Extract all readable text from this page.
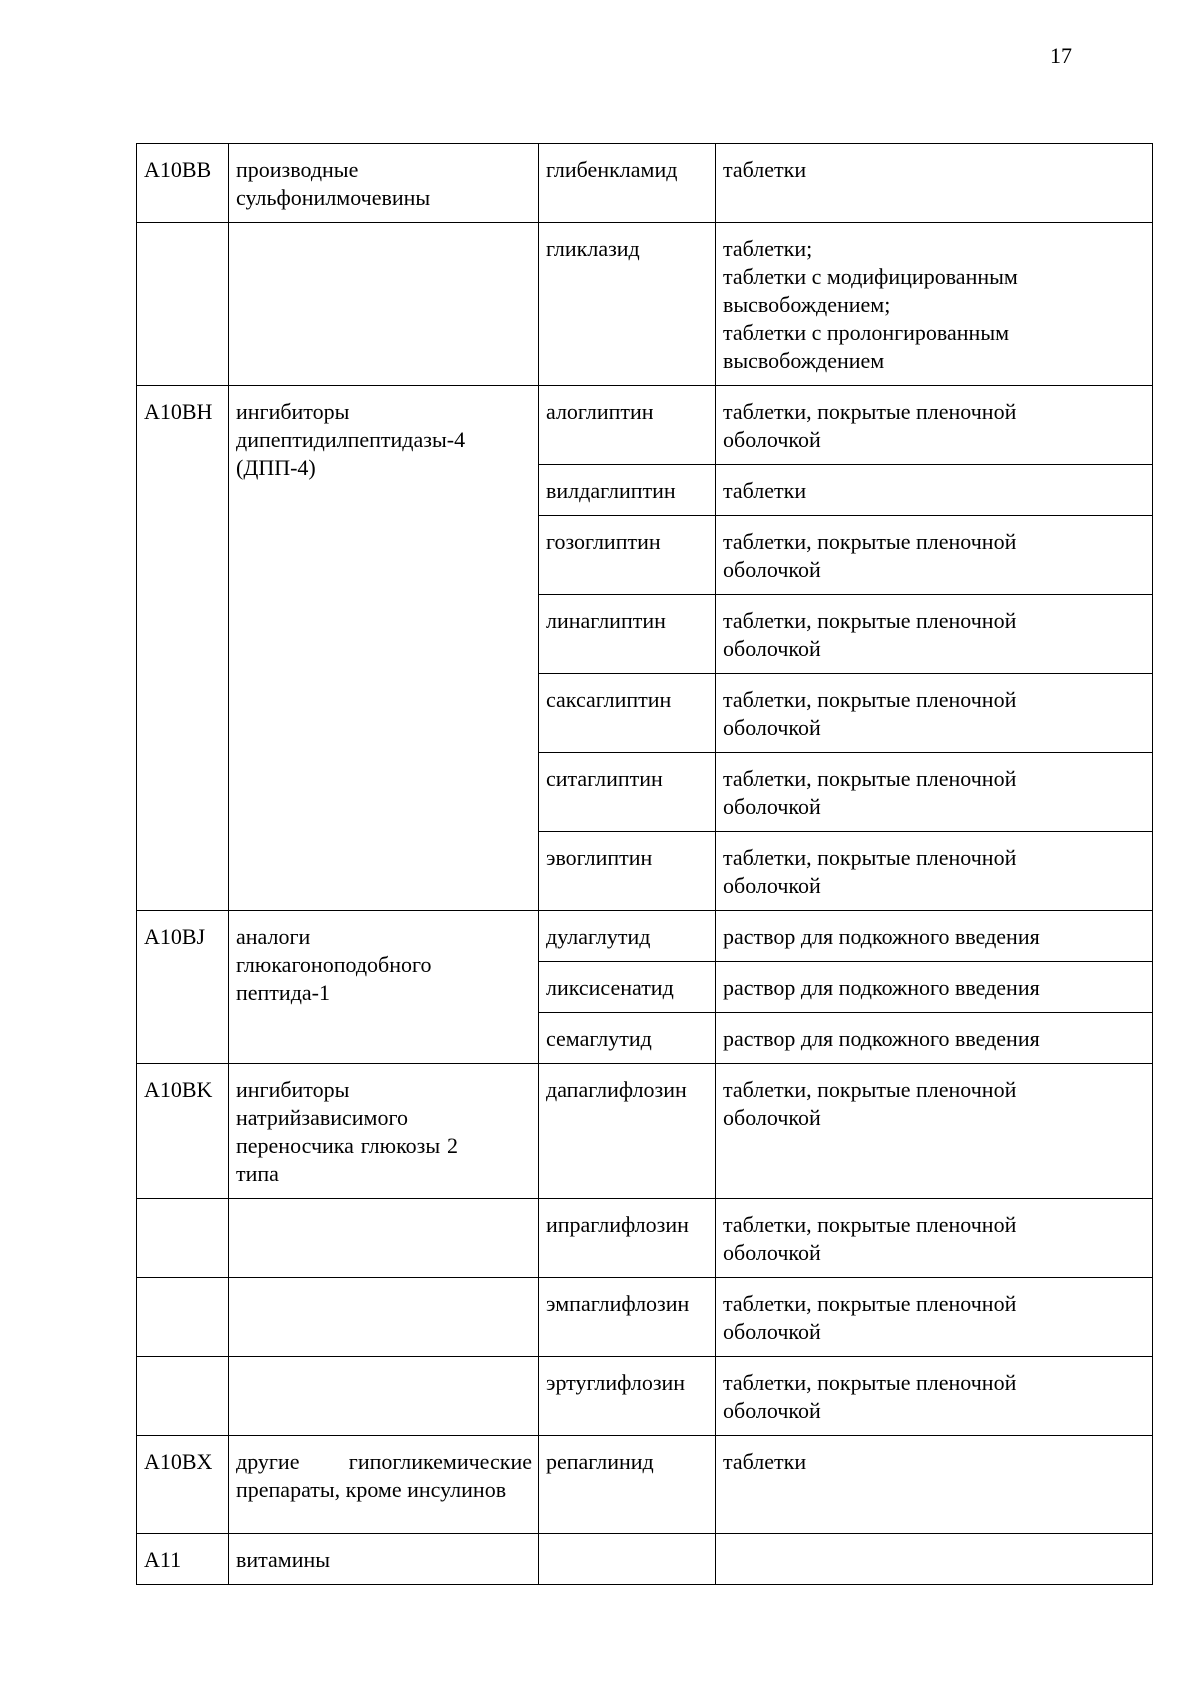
17
A10BB	производные сульфонилмочевины	глибенкламид	таблетки

		гликлазид	таблетки;
таблетки с модифицированным высвобождением;
таблетки с пролонгированным высвобождением

A10BH	ингибиторы дипептидилпептидазы-4 (ДПП-4)	алоглиптин	таблетки, покрытые пленочной оболочкой
		вилдаглиптин	таблетки
		гозоглиптин	таблетки, покрытые пленочной оболочкой
		линаглиптин	таблетки, покрытые пленочной оболочкой
		саксаглиптин	таблетки, покрытые пленочной оболочкой
		ситаглиптин	таблетки, покрытые пленочной оболочкой
		эвоглиптин	таблетки, покрытые пленочной оболочкой
A10BJ	аналоги глюкагоноподобного пептида-1	дулаглутид	раствор для подкожного введения
		ликсисенатид	раствор для подкожного введения
		семаглутид	раствор для подкожного введения
A10BK	ингибиторы натрийзависимого переносчика глюкозы 2 типа	дапаглифлозин	таблетки, покрытые пленочной оболочкой
		ипраглифлозин	таблетки, покрытые пленочной оболочкой
		эмпаглифлозин	таблетки, покрытые пленочной оболочкой
		эртуглифлозин	таблетки, покрытые пленочной оболочкой
A10BX	другие гипогликемические препараты, кроме инсулинов	репаглинид	таблетки
A11	витамины		
